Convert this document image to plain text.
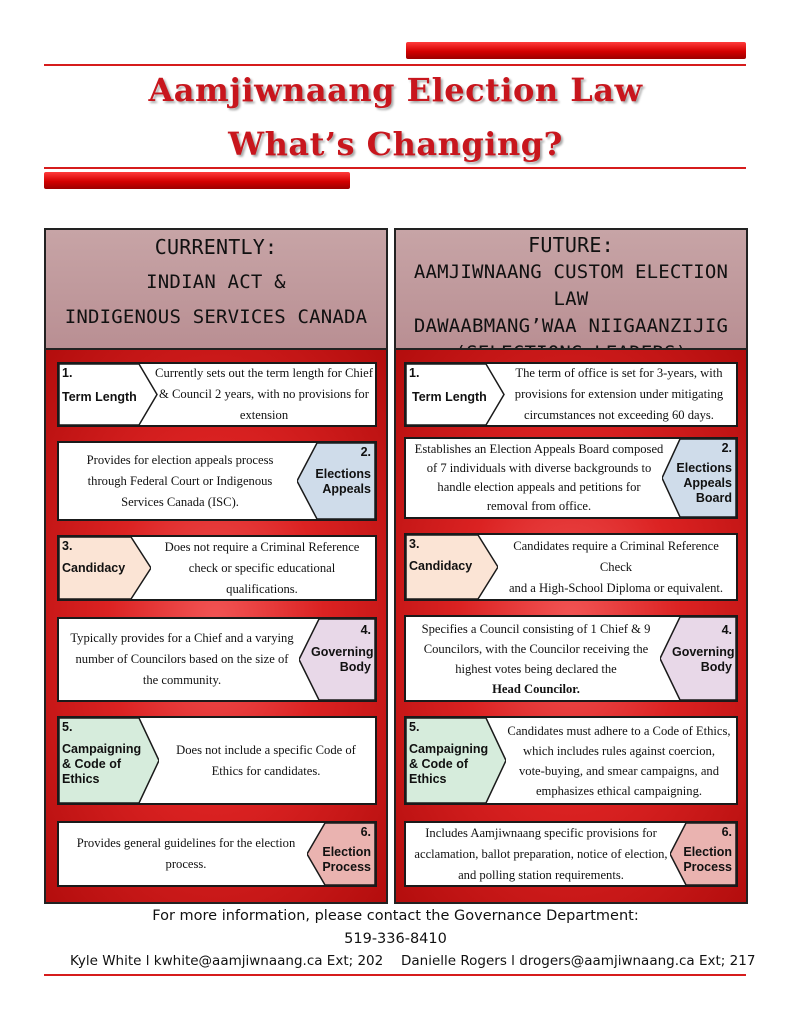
Aamjiwnaang Election Law
What’s Changing?
CURRENTLY:
INDIAN ACT &
INDIGENOUS SERVICES CANADA
FUTURE:
AAMJIWNAANG CUSTOM ELECTION LAW
DAWAABMANG’WAA NIIGAANZIJIG
1.
Term Length
Currently sets out the term length for Chief
& Council 2 years, with no provisions for
extension
Provides for election appeals process
through Federal Court or Indigenous
Services Canada (ISC).
2.
Elections Appeals
3.
Candidacy
Does not require a Criminal Reference
check or specific educational
qualifications.
Typically provides for a Chief and a varying
number of Councilors based on the size of
the community.
4.
Governing Body
5.
Campaigning & Code of Ethics
Does not include a specific Code of
Ethics for candidates.
Provides general guidelines for the election
process.
6.
Election Process
1.
Term Length
The term of office is set for 3-years, with
provisions for extension under mitigating
circumstances not exceeding 60 days.
Establishes an Election Appeals Board composed
of 7 individuals with diverse backgrounds to
handle election appeals and petitions for
removal from office.
2.
Elections Appeals Board
3.
Candidacy
Candidates require a Criminal Reference Check
and a High-School Diploma or equivalent.
Specifies a Council consisting of 1 Chief & 9
Councilors, with the Councilor receiving the
highest votes being declared the
Head Councilor.
4.
Governing Body
5.
Campaigning & Code of Ethics
Candidates must adhere to a Code of Ethics,
which includes rules against coercion,
vote-buying, and smear campaigns, and
emphasizes ethical campaigning.
Includes Aamjiwnaang specific provisions for
acclamation, ballot preparation, notice of election,
and polling station requirements.
6.
Election Process
For more information, please contact the Governance Department:
519-336-8410
Kyle White l kwhite@aamjiwnaang.ca Ext; 202 Danielle Rogers l drogers@aamjiwnaang.ca Ext; 217
